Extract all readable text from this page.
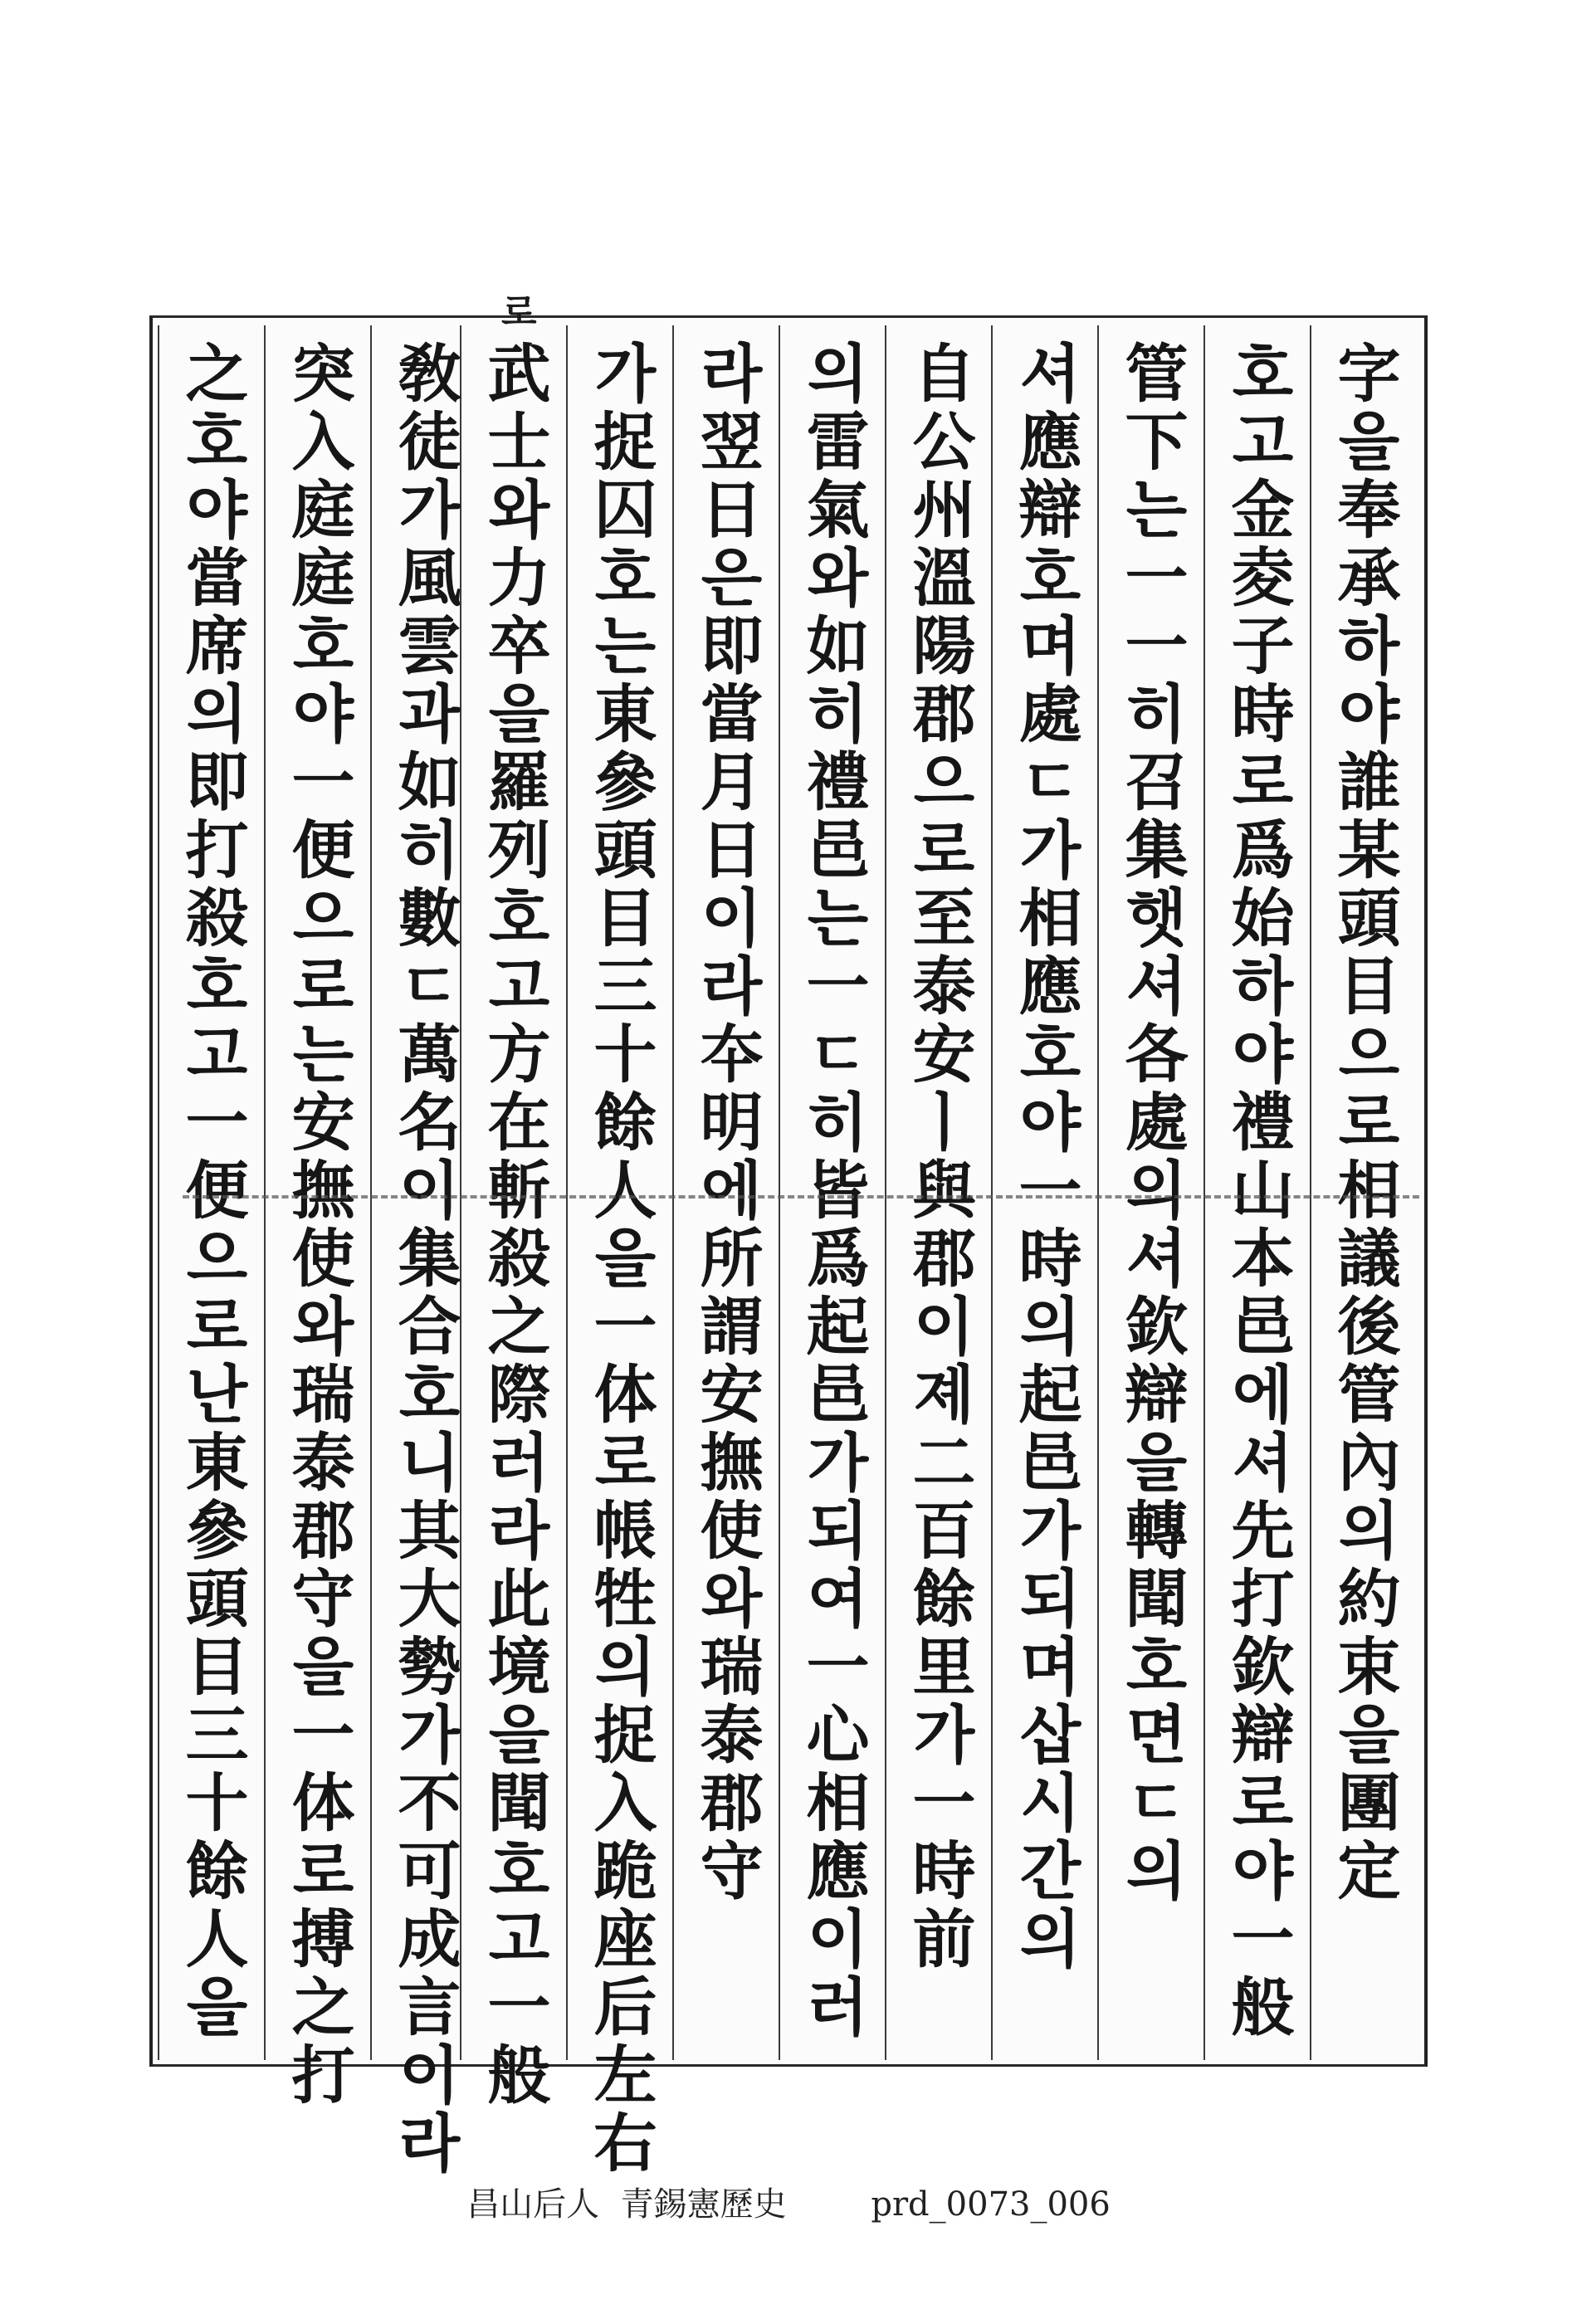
字을奉承하야誰某頭目으로相議後管內의約束을團定
호고金夌子時로爲始하야禮山本邑에셔先打欽辯로야一般
管下는一一히召集햇셔各處의셔欽辯을轉聞호면ㄷ의
셔應辯호며處ㄷ가相應호야一時의起邑가되며삽시간의
自公州溫陽郡으로至泰安ㅣ與郡이졔二百餘里가一時前
의雷氣와如히禮邑는一ㄷ히皆爲起邑가되여一心相應이러
라翌日은即當月日이라夲明에所謂安撫使와瑞泰郡守
가捉囚호는東參頭目三十餘人을一体로帳牲의捉入跪座后左右
武士와力卒을羅列호고方在斬殺之際러라此境을聞호고一般
敎徒가風雲과如히數ㄷ萬名이集合호니其大勢가不可成言이라
突入庭庭호야一便으로는安撫使와瑞泰郡守을一体로搏之打
之호야當席의即打殺호고一便으로난東參頭目三十餘人을
로
昌山后人  青錫憲歷史        prd_0073_006
